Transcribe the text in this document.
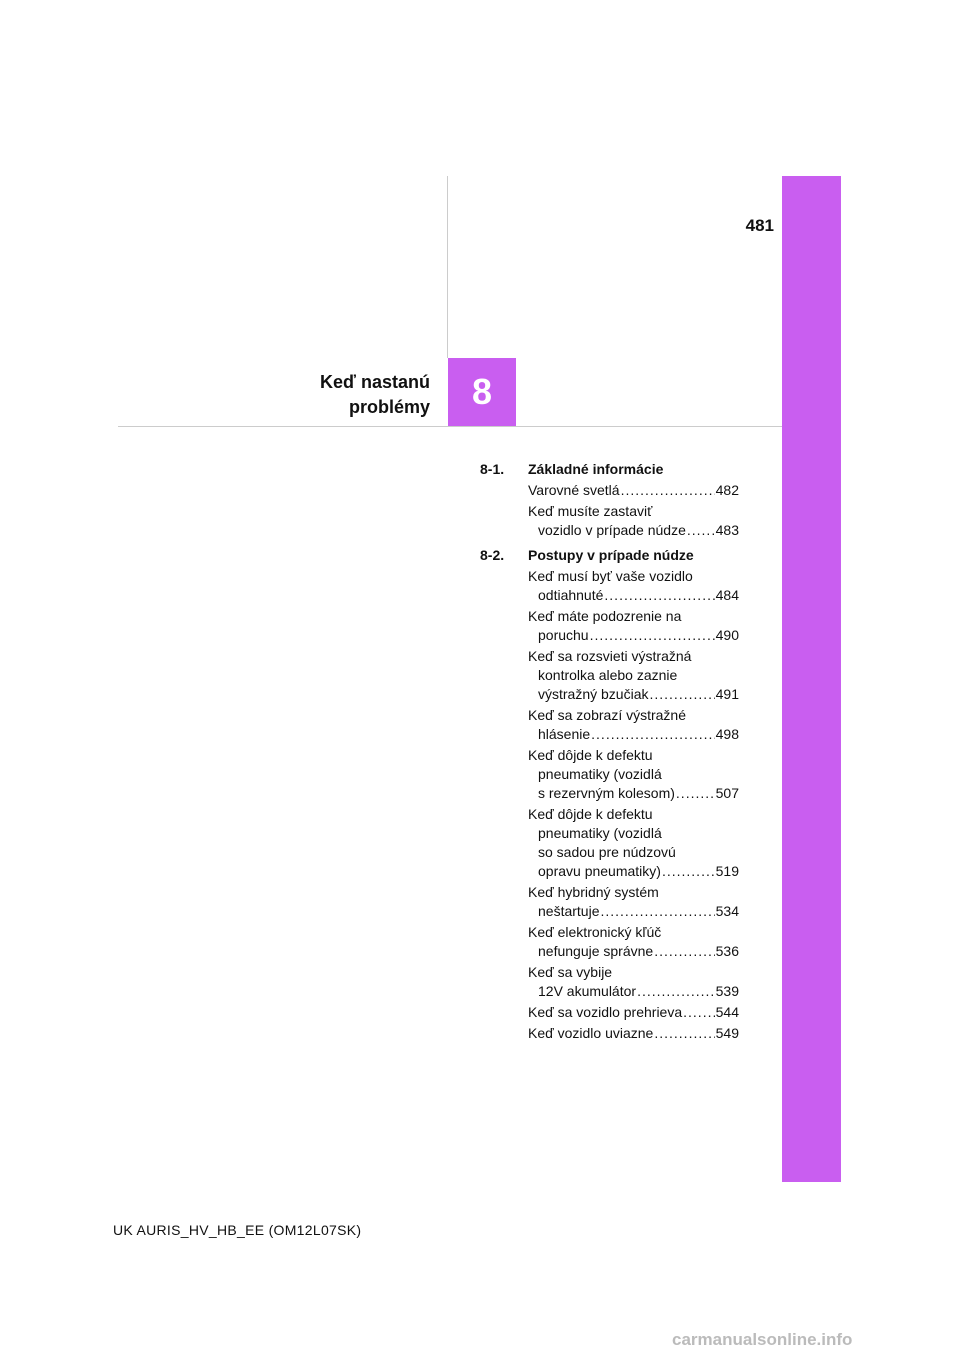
481
Keď nastanú
problémy	8
8-1.	Základné informácie
Varovné svetlá .....	482
Keď musíte zastaviť
vozidlo v prípade núdze ..... 483
8-2.	Postupy v prípade núdze
Keď musí byť vaše vozidlo
odtiahnuté .....	484
Keď máte podozrenie na
poruchu .....	490
Keď sa rozsvieti výstražná
kontrolka alebo zaznie
výstražný bzučiak .....	491
Keď sa zobrazí výstražné
hlásenie .....	498
Keď dôjde k defektu
pneumatiky (vozidlá
s rezervným kolesom) .....	507
Keď dôjde k defektu
pneumatiky (vozidlá
so sadou pre núdzovú
opravu pneumatiky) .....	519
Keď hybridný systém
neštartuje .....	534
Keď elektronický kľúč
nefunguje správne .....	536
Keď sa vybije
12V akumulátor .....	539
Keď sa vozidlo prehrieva ..... 544
Keď vozidlo uviazne .....	549
UK AURIS_HV_HB_EE (OM12L07SK)
carmanualsonline.info
